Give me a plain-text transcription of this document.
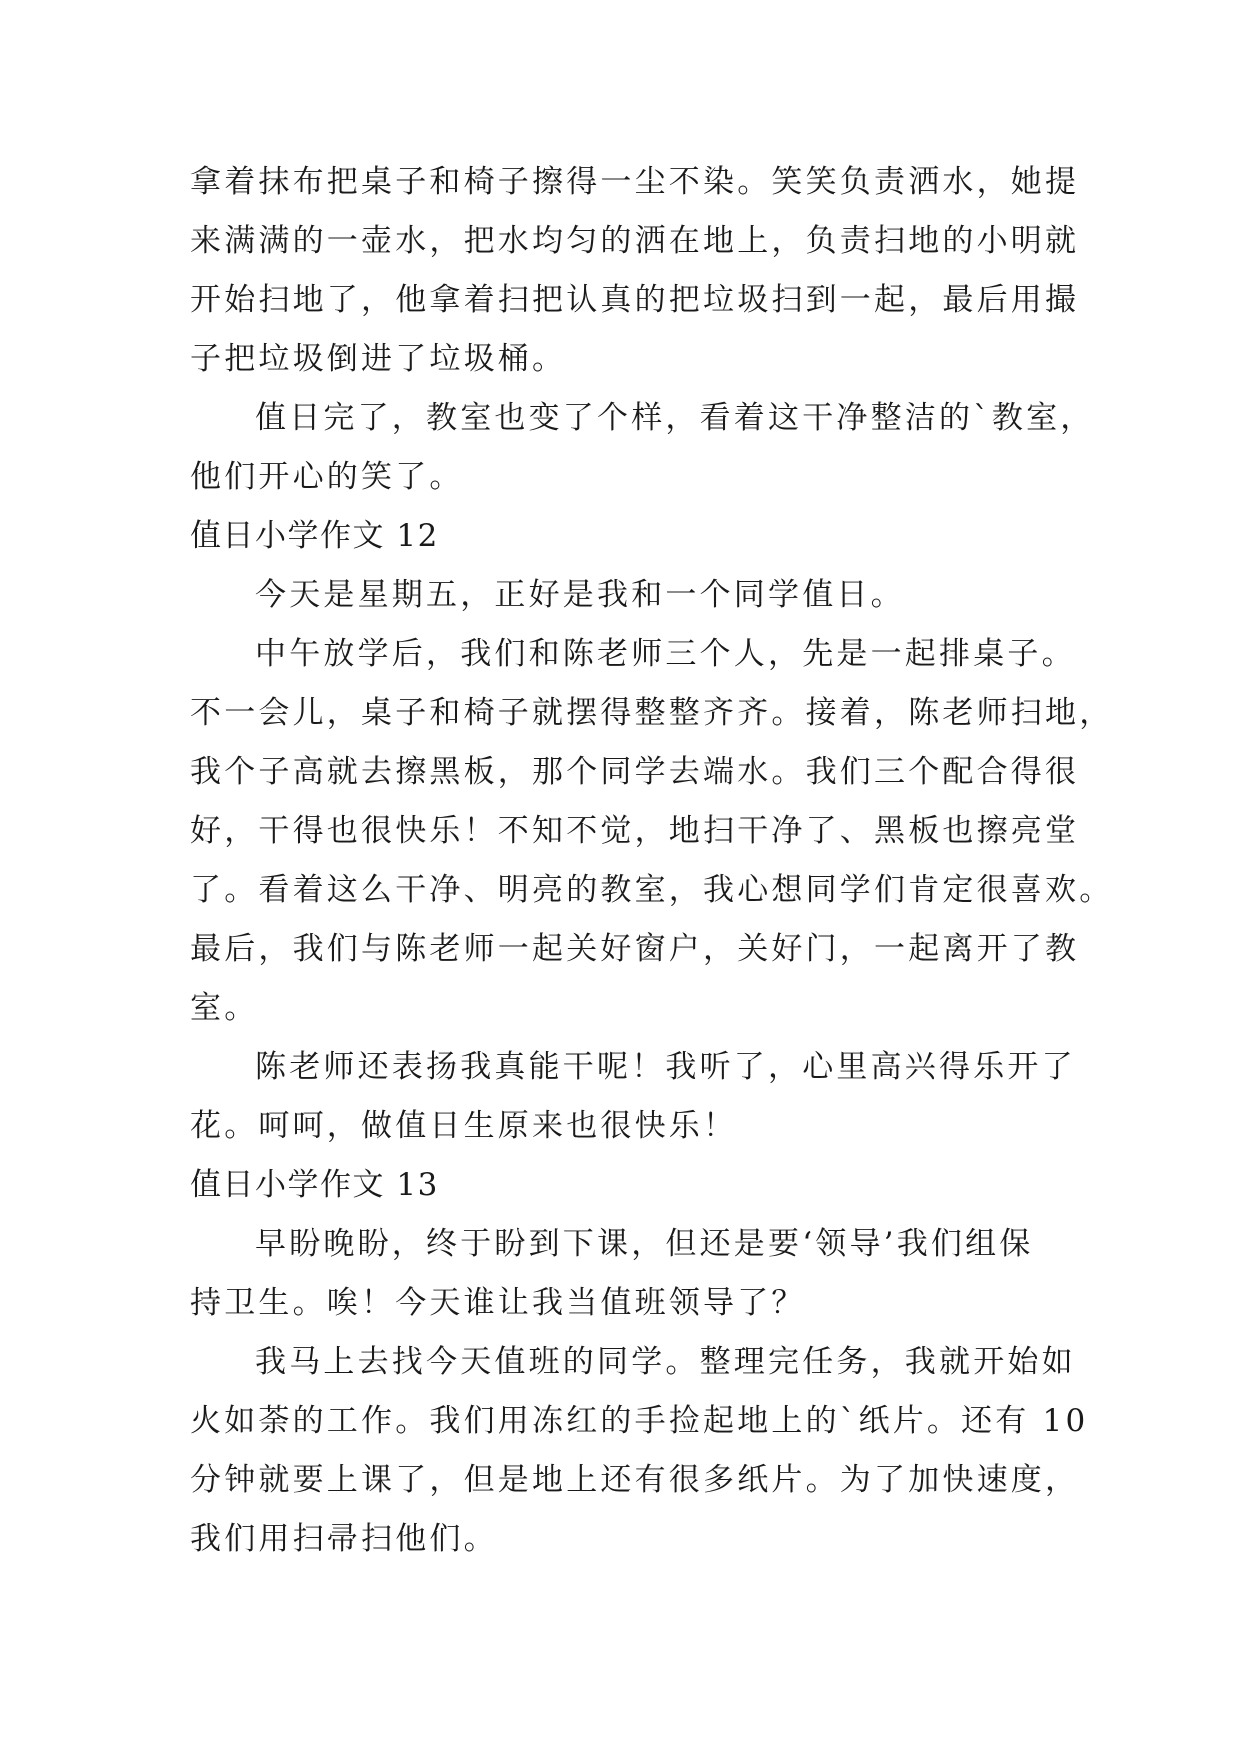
拿着抹布把桌子和椅子擦得一尘不染。笑笑负责洒水，她提
来满满的一壶水，把水均匀的洒在地上，负责扫地的小明就
开始扫地了，他拿着扫把认真的把垃圾扫到一起，最后用撮
子把垃圾倒进了垃圾桶。
值日完了，教室也变了个样，看着这干净整洁的`教室，
他们开心的笑了。
值日小学作文 12
今天是星期五，正好是我和一个同学值日。
中午放学后，我们和陈老师三个人，先是一起排桌子。
不一会儿，桌子和椅子就摆得整整齐齐。接着，陈老师扫地，
我个子高就去擦黑板，那个同学去端水。我们三个配合得很
好，干得也很快乐！不知不觉，地扫干净了、黑板也擦亮堂
了。看着这么干净、明亮的教室，我心想同学们肯定很喜欢。
最后，我们与陈老师一起关好窗户，关好门，一起离开了教
室。
陈老师还表扬我真能干呢！我听了，心里高兴得乐开了
花。呵呵，做值日生原来也很快乐！
值日小学作文 13
早盼晚盼，终于盼到下课，但还是要‘领导’我们组保
持卫生。唉！今天谁让我当值班领导了？
我马上去找今天值班的同学。整理完任务，我就开始如
火如荼的工作。我们用冻红的手捡起地上的`纸片。还有 10
分钟就要上课了，但是地上还有很多纸片。为了加快速度，
我们用扫帚扫他们。
